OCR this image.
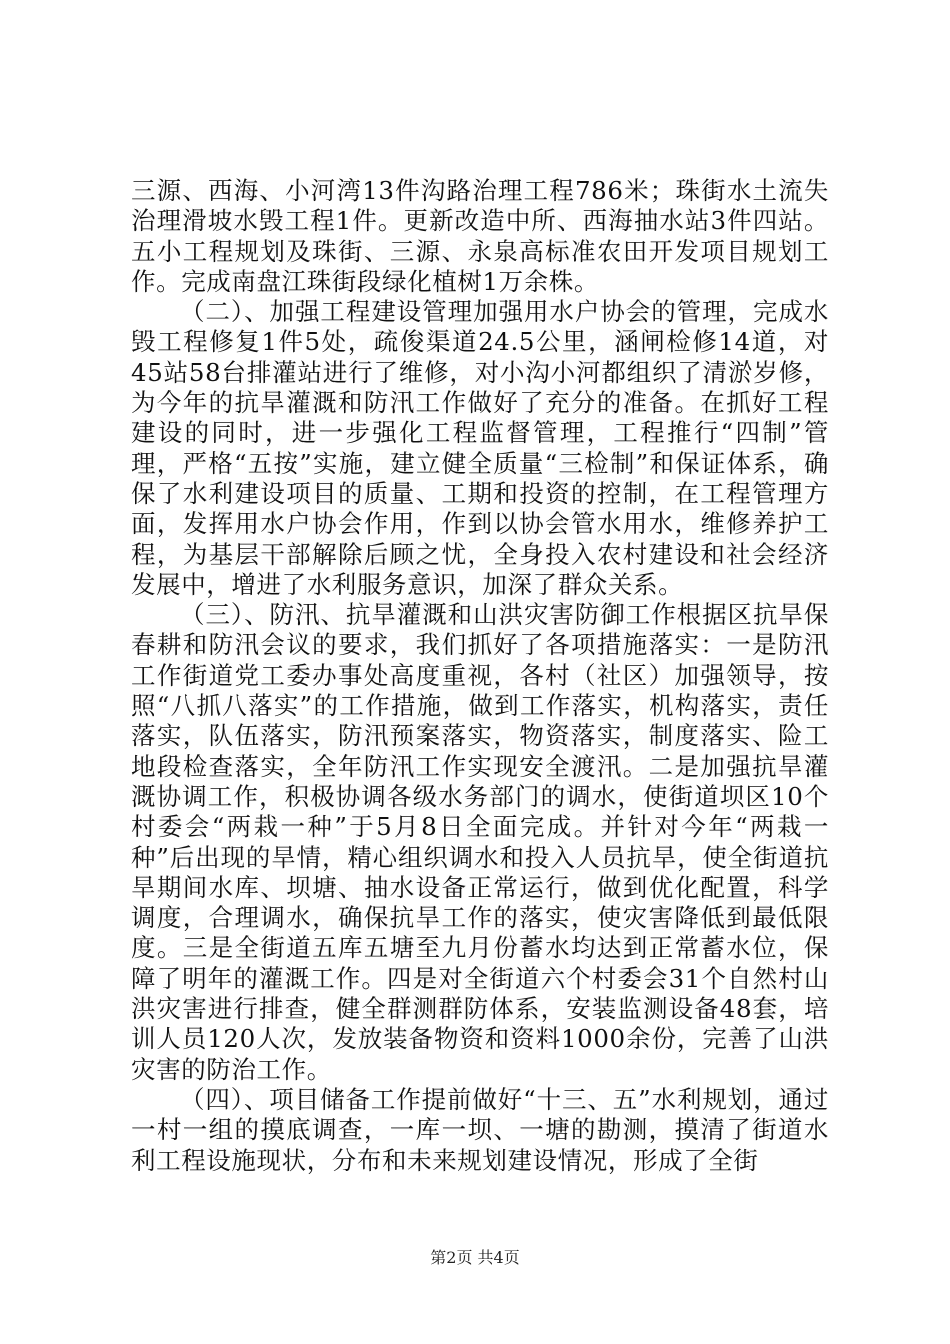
三源、西海、小河湾13件沟路治理工程786米；珠街水土流失治理滑坡水毁工程1件。更新改造中所、西海抽水站3件四站。五小工程规划及珠街、三源、永泉高标准农田开发项目规划工作。完成南盘江珠街段绿化植树1万余株。

（二）、加强工程建设管理加强用水户协会的管理，完成水毁工程修复1件5处，疏俊渠道24.5公里，涵闸检修14道，对45站58台排灌站进行了维修，对小沟小河都组织了清淤岁修，为今年的抗旱灌溉和防汛工作做好了充分的准备。在抓好工程建设的同时，进一步强化工程监督管理，工程推行“四制”管理，严格“五按”实施，建立健全质量“三检制”和保证体系，确保了水利建设项目的质量、工期和投资的控制，在工程管理方面，发挥用水户协会作用，作到以协会管水用水，维修养护工程，为基层干部解除后顾之忧，全身投入农村建设和社会经济发展中，增进了水利服务意识，加深了群众关系。

（三）、防汛、抗旱灌溉和山洪灾害防御工作根据区抗旱保春耕和防汛会议的要求，我们抓好了各项措施落实：一是防汛工作街道党工委办事处高度重视，各村（社区）加强领导，按照“八抓八落实”的工作措施，做到工作落实，机构落实，责任落实，队伍落实，防汛预案落实，物资落实，制度落实、险工地段检查落实，全年防汛工作实现安全渡汛。二是加强抗旱灌溉协调工作，积极协调各级水务部门的调水，使街道坝区10个村委会“两栽一种”于5月8日全面完成。并针对今年“两栽一种”后出现的旱情，精心组织调水和投入人员抗旱，使全街道抗旱期间水库、坝塘、抽水设备正常运行，做到优化配置，科学调度，合理调水，确保抗旱工作的落实，使灾害降低到最低限度。三是全街道五库五塘至九月份蓄水均达到正常蓄水位，保障了明年的灌溉工作。四是对全街道六个村委会31个自然村山洪灾害进行排查，健全群测群防体系，安装监测设备48套，培训人员120人次，发放装备物资和资料1000余份，完善了山洪灾害的防治工作。

（四）、项目储备工作提前做好“十三、五”水利规划，通过一村一组的摸底调查，一库一坝、一塘的勘测，摸清了街道水利工程设施现状，分布和未来规划建设情况，形成了全街

第2页 共4页
